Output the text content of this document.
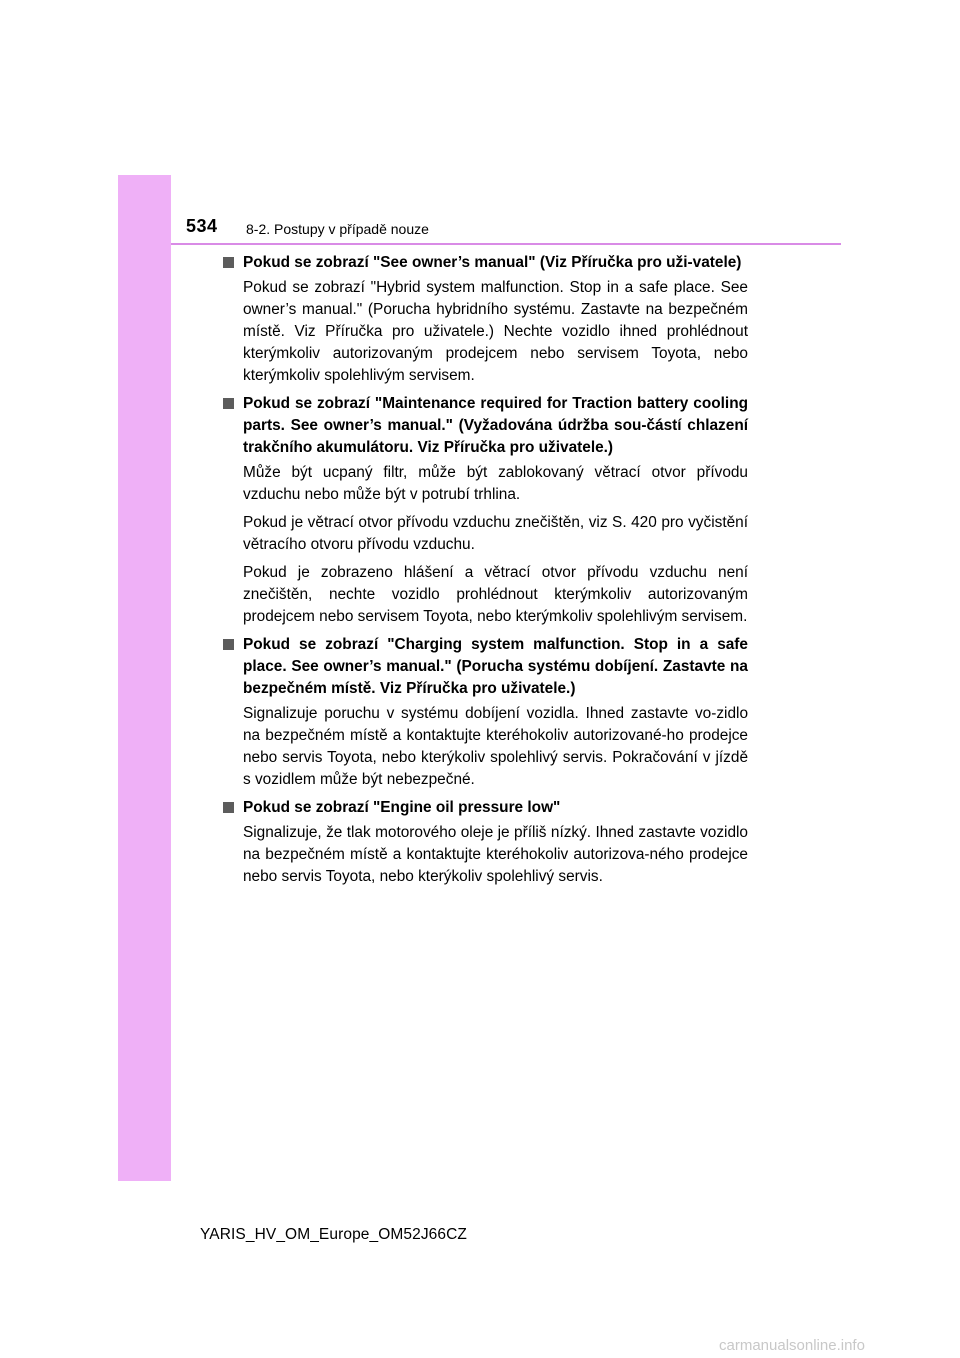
534 8-2. Postupy v případě nouze
Pokud se zobrazí "See owner’s manual" (Viz Příručka pro uži-vatele)
Pokud se zobrazí "Hybrid system malfunction. Stop in a safe place. See owner’s manual." (Porucha hybridního systému. Zastavte na bezpečném místě. Viz Příručka pro uživatele.) Nechte vozidlo ihned prohlédnout kterýmkoliv autorizovaným prodejcem nebo servisem Toyota, nebo kterýmkoliv spolehlivým servisem.
Pokud se zobrazí "Maintenance required for Traction battery cooling parts. See owner’s manual." (Vyžadována údržba sou-částí chlazení trakčního akumulátoru. Viz Příručka pro uživatele.)
Může být ucpaný filtr, může být zablokovaný větrací otvor přívodu vzduchu nebo může být v potrubí trhlina.
Pokud je větrací otvor přívodu vzduchu znečištěn, viz S. 420 pro vyčistění větracího otvoru přívodu vzduchu.
Pokud je zobrazeno hlášení a větrací otvor přívodu vzduchu není znečištěn, nechte vozidlo prohlédnout kterýmkoliv autorizovaným prodejcem nebo servisem Toyota, nebo kterýmkoliv spolehlivým servisem.
Pokud se zobrazí "Charging system malfunction. Stop in a safe place. See owner’s manual." (Porucha systému dobíjení. Zastavte na bezpečném místě. Viz Příručka pro uživatele.)
Signalizuje poruchu v systému dobíjení vozidla. Ihned zastavte vo-zidlo na bezpečném místě a kontaktujte kteréhokoliv autorizované-ho prodejce nebo servis Toyota, nebo kterýkoliv spolehlivý servis. Pokračování v jízdě s vozidlem může být nebezpečné.
Pokud se zobrazí "Engine oil pressure low"
Signalizuje, že tlak motorového oleje je příliš nízký. Ihned zastavte vozidlo na bezpečném místě a kontaktujte kteréhokoliv autorizova-ného prodejce nebo servis Toyota, nebo kterýkoliv spolehlivý servis.
YARIS_HV_OM_Europe_OM52J66CZ
carmanualsonline.info
